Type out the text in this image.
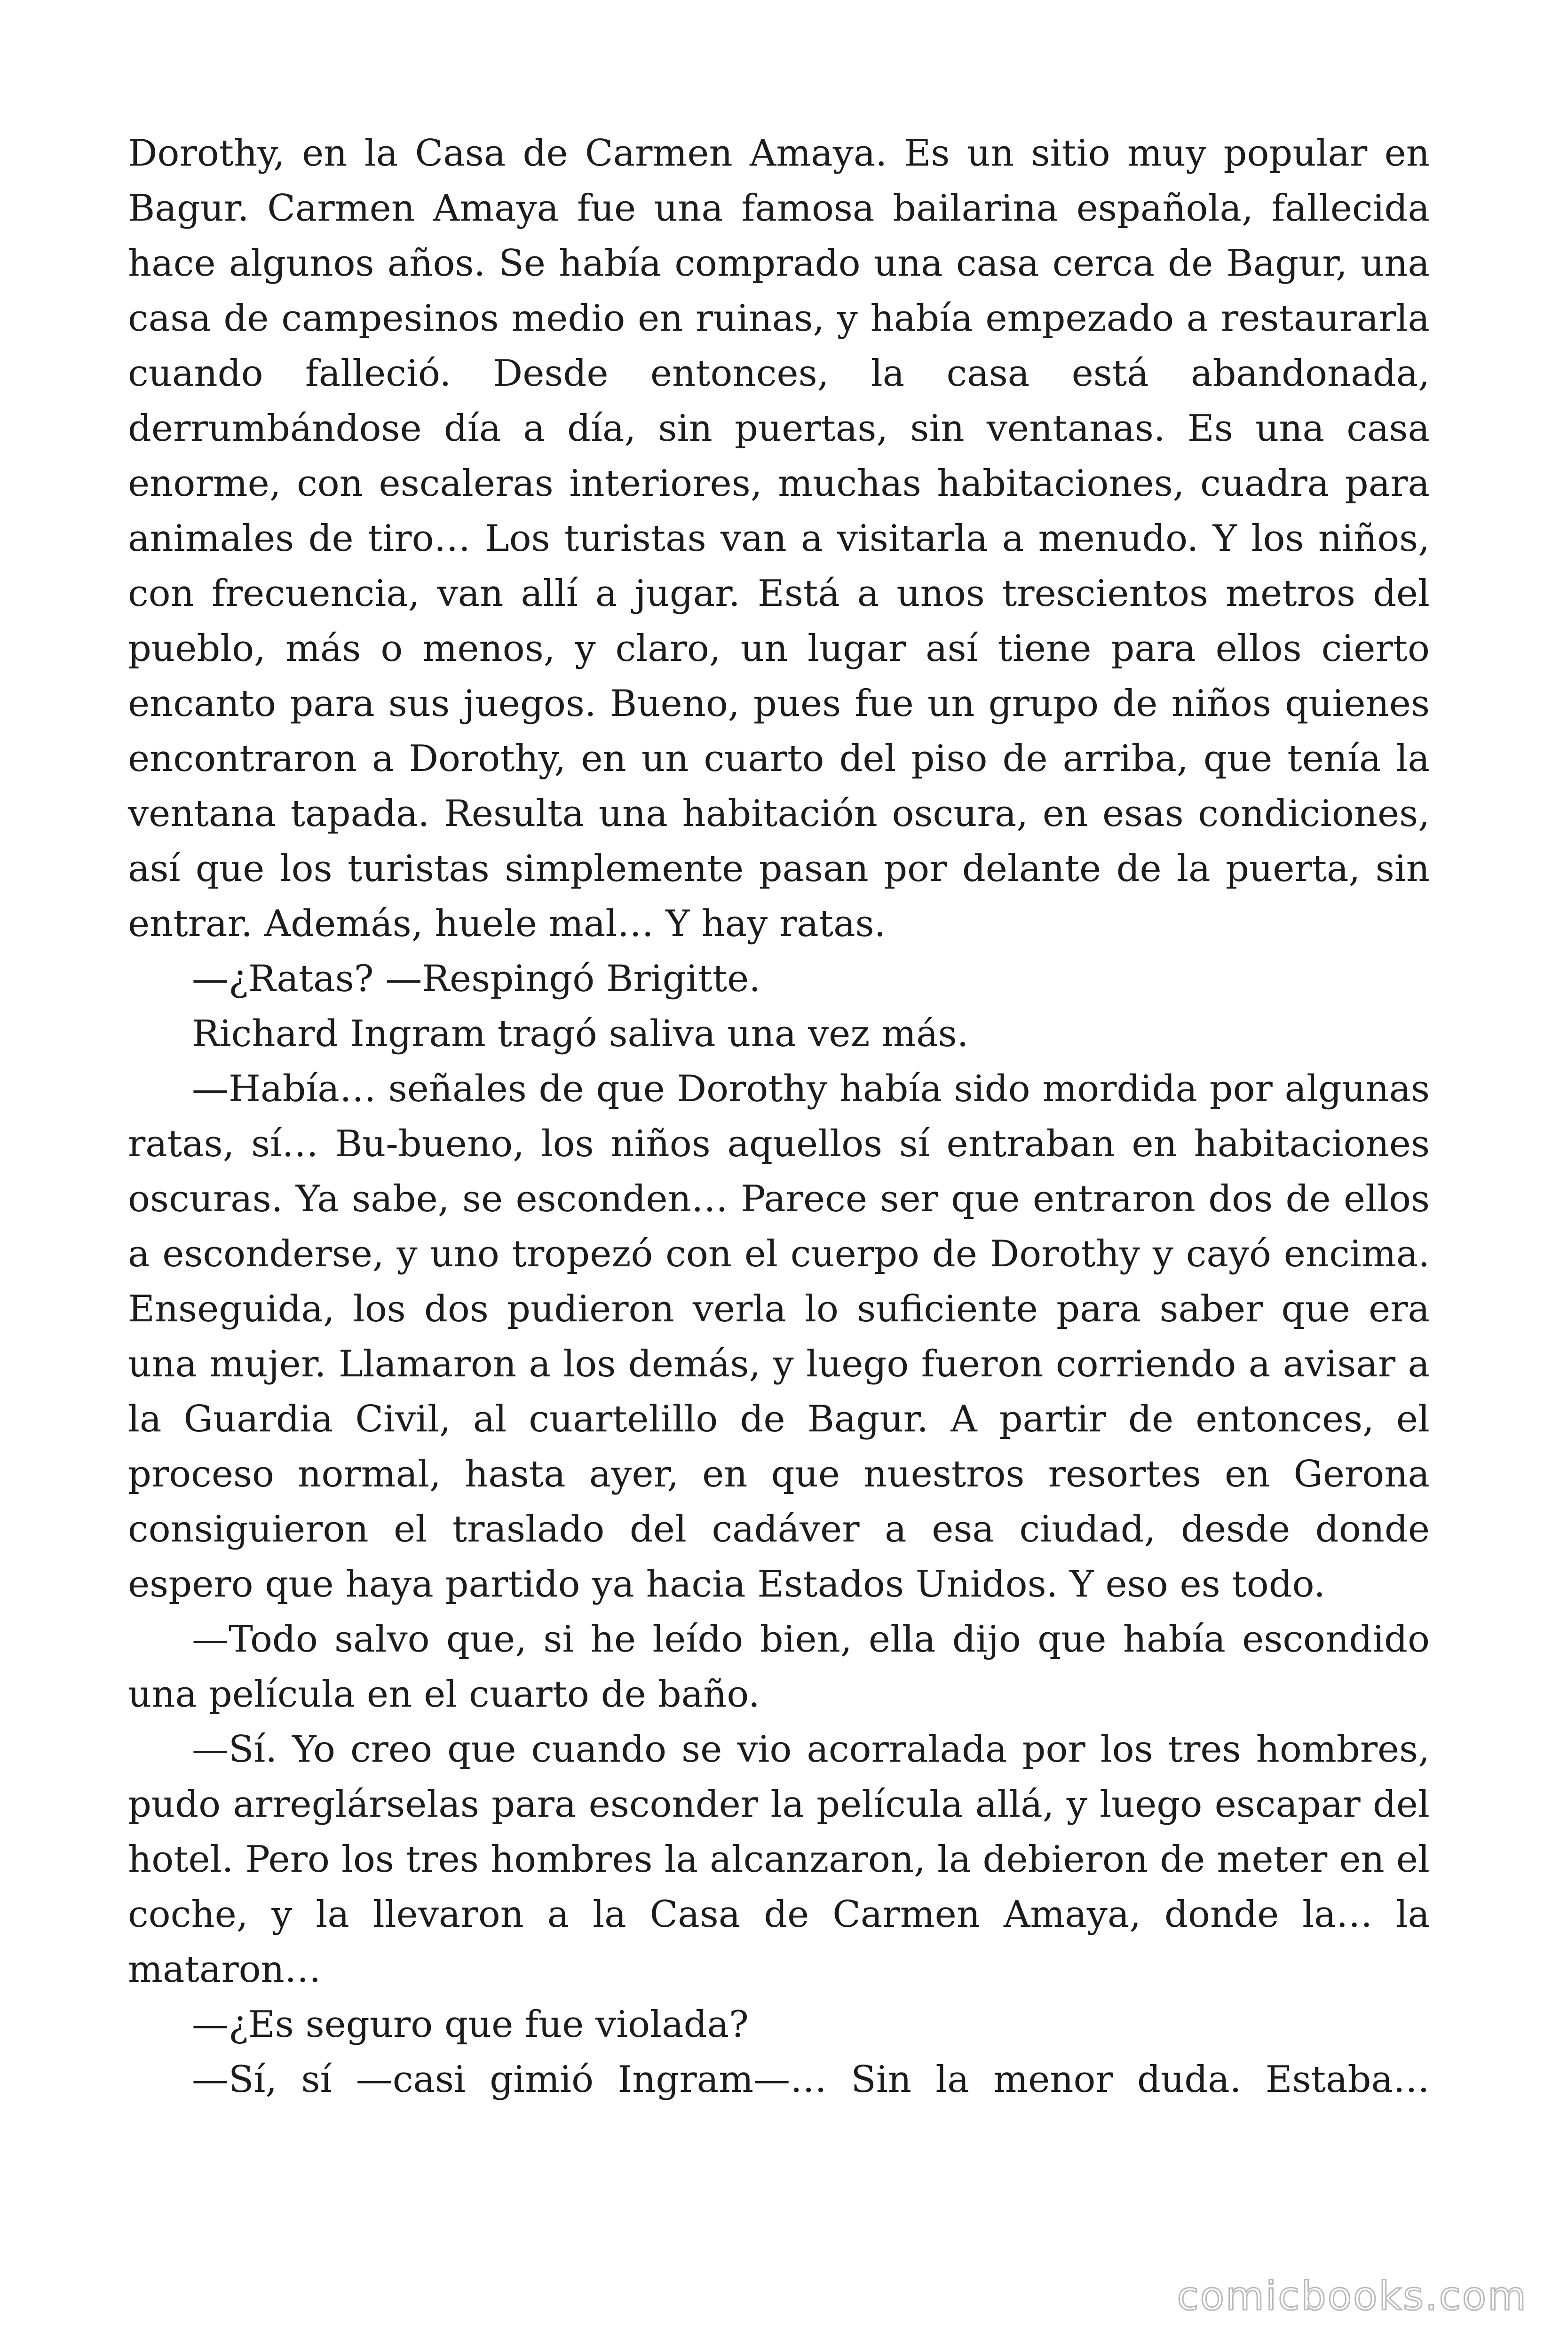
Dorothy, en la Casa de Carmen Amaya. Es un sitio muy popular en Bagur. Carmen Amaya fue una famosa bailarina española, fallecida hace algunos años. Se había comprado una casa cerca de Bagur, una casa de campesinos medio en ruinas, y había empezado a restaurarla cuando falleció. Desde entonces, la casa está abandonada, derrumbándose día a día, sin puertas, sin ventanas. Es una casa enorme, con escaleras interiores, muchas habitaciones, cuadra para animales de tiro… Los turistas van a visitarla a menudo. Y los niños, con frecuencia, van allí a jugar. Está a unos trescientos metros del pueblo, más o menos, y claro, un lugar así tiene para ellos cierto encanto para sus juegos. Bueno, pues fue un grupo de niños quienes encontraron a Dorothy, en un cuarto del piso de arriba, que tenía la ventana tapada. Resulta una habitación oscura, en esas condiciones, así que los turistas simplemente pasan por delante de la puerta, sin entrar. Además, huele mal… Y hay ratas.

—¿Ratas? —Respingó Brigitte.

Richard Ingram tragó saliva una vez más.

—Había… señales de que Dorothy había sido mordida por algunas ratas, sí… Bu-bueno, los niños aquellos sí entraban en habitaciones oscuras. Ya sabe, se esconden… Parece ser que entraron dos de ellos a esconderse, y uno tropezó con el cuerpo de Dorothy y cayó encima. Enseguida, los dos pudieron verla lo suficiente para saber que era una mujer. Llamaron a los demás, y luego fueron corriendo a avisar a la Guardia Civil, al cuartelillo de Bagur. A partir de entonces, el proceso normal, hasta ayer, en que nuestros resortes en Gerona consiguieron el traslado del cadáver a esa ciudad, desde donde espero que haya partido ya hacia Estados Unidos. Y eso es todo.

—Todo salvo que, si he leído bien, ella dijo que había escondido una película en el cuarto de baño.

—Sí. Yo creo que cuando se vio acorralada por los tres hombres, pudo arreglárselas para esconder la película allá, y luego escapar del hotel. Pero los tres hombres la alcanzaron, la debieron de meter en el coche, y la llevaron a la Casa de Carmen Amaya, donde la… la mataron…

—¿Es seguro que fue violada?

—Sí, sí —casi gimió Ingram—… Sin la menor duda. Estaba…

comicbooks.com
